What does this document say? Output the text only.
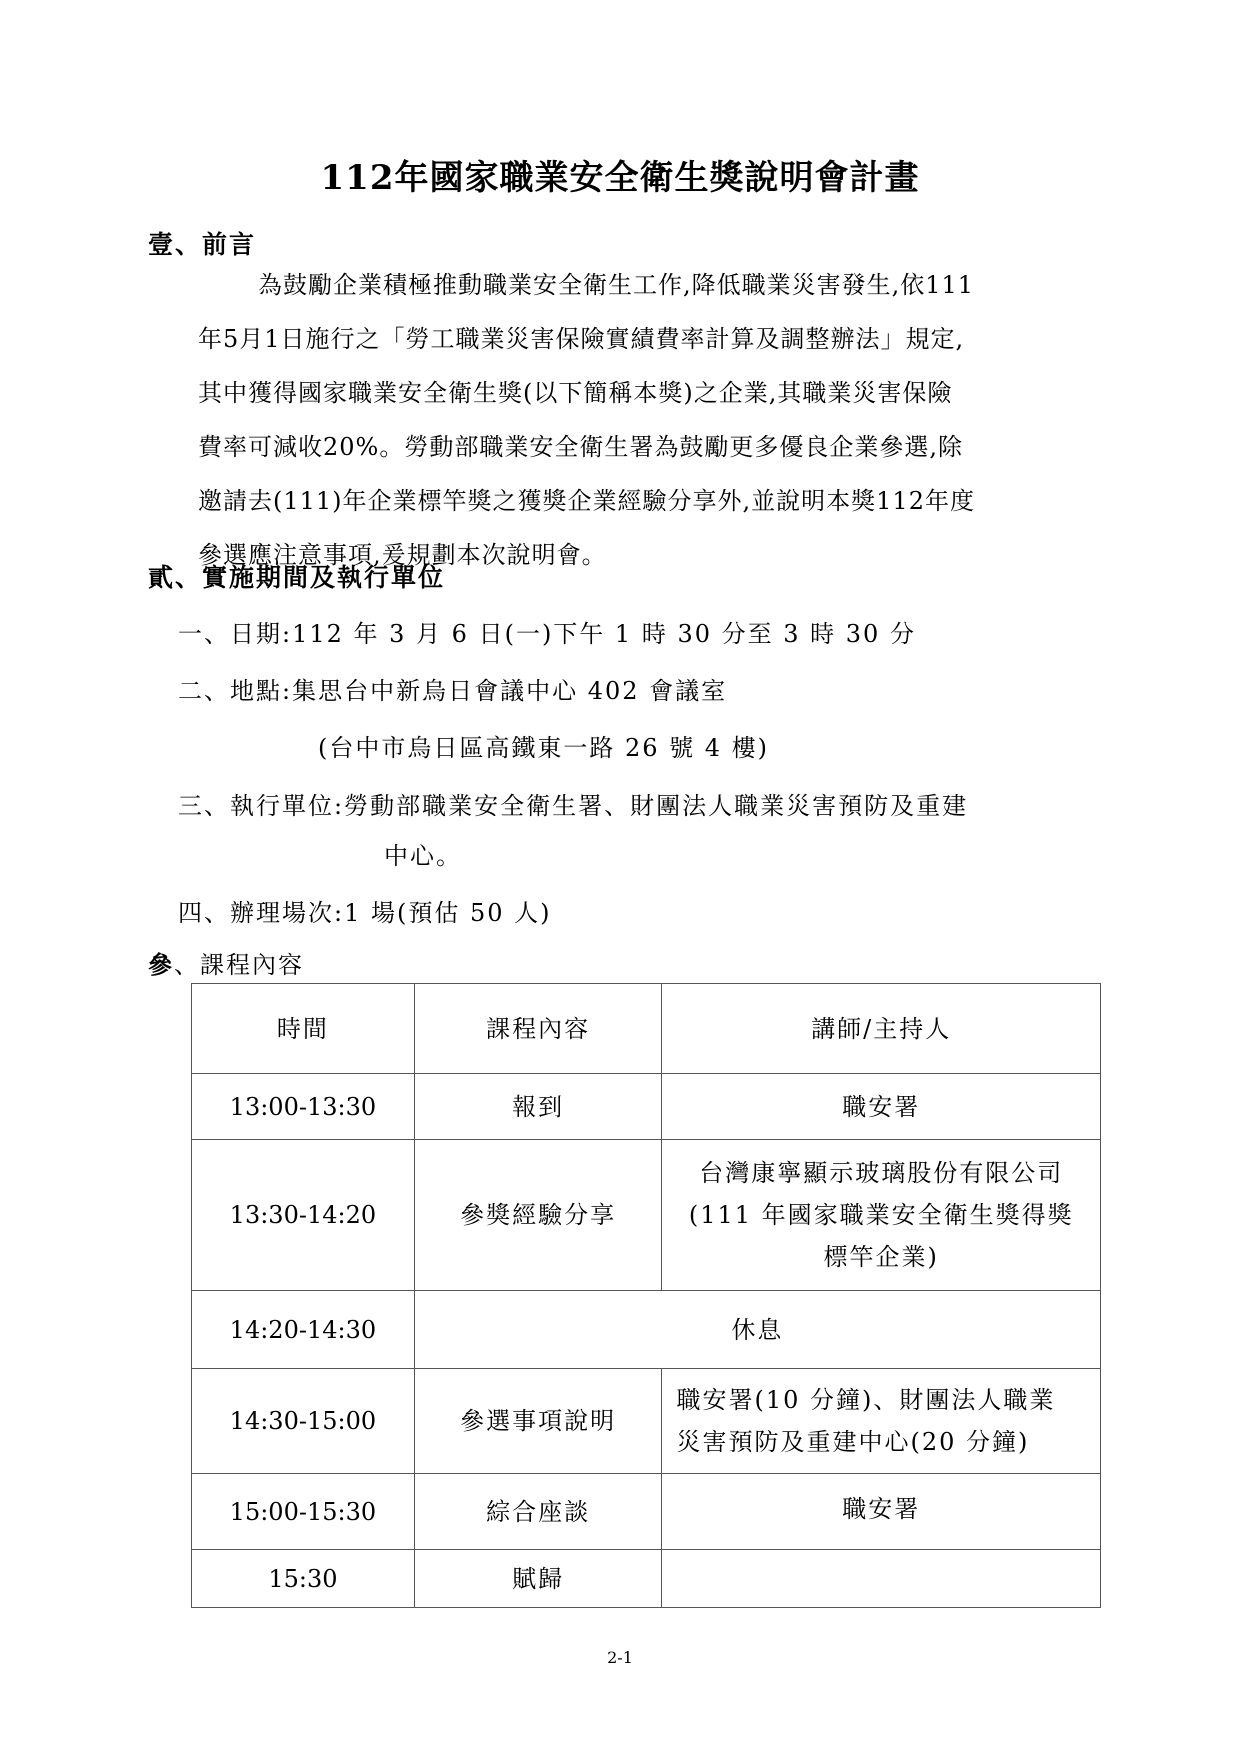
112年國家職業安全衛生獎說明會計畫
壹、前言
為鼓勵企業積極推動職業安全衛生工作,降低職業災害發生,依111
年5月1日施行之「勞工職業災害保險實績費率計算及調整辦法」規定,
其中獲得國家職業安全衛生獎(以下簡稱本獎)之企業,其職業災害保險
費率可減收20%。勞動部職業安全衛生署為鼓勵更多優良企業參選,除
邀請去(111)年企業標竿獎之獲獎企業經驗分享外,並說明本獎112年度
參選應注意事項,爰規劃本次說明會。
貳、實施期間及執行單位
一、日期:112 年 3 月 6 日(一)下午 1 時 30 分至 3 時 30 分
二、地點:集思台中新烏日會議中心 402 會議室
(台中市烏日區高鐵東一路 26 號 4 樓)
三、執行單位:勞動部職業安全衛生署、財團法人職業災害預防及重建
中心。
四、辦理場次:1 場(預估 50 人)
參、課程內容
時間	課程內容	講師/主持人
13:00-13:30	報到	職安署
13:30-14:20	參獎經驗分享	台灣康寧顯示玻璃股份有限公司
(111 年國家職業安全衛生獎得獎
標竿企業)

14:20-14:30	休息	
14:30-15:00	參選事項說明	職安署(10 分鐘)、財團法人職業
災害預防及重建中心(20 分鐘)

15:00-15:30	綜合座談	職安署
15:30	賦歸	
2-1
